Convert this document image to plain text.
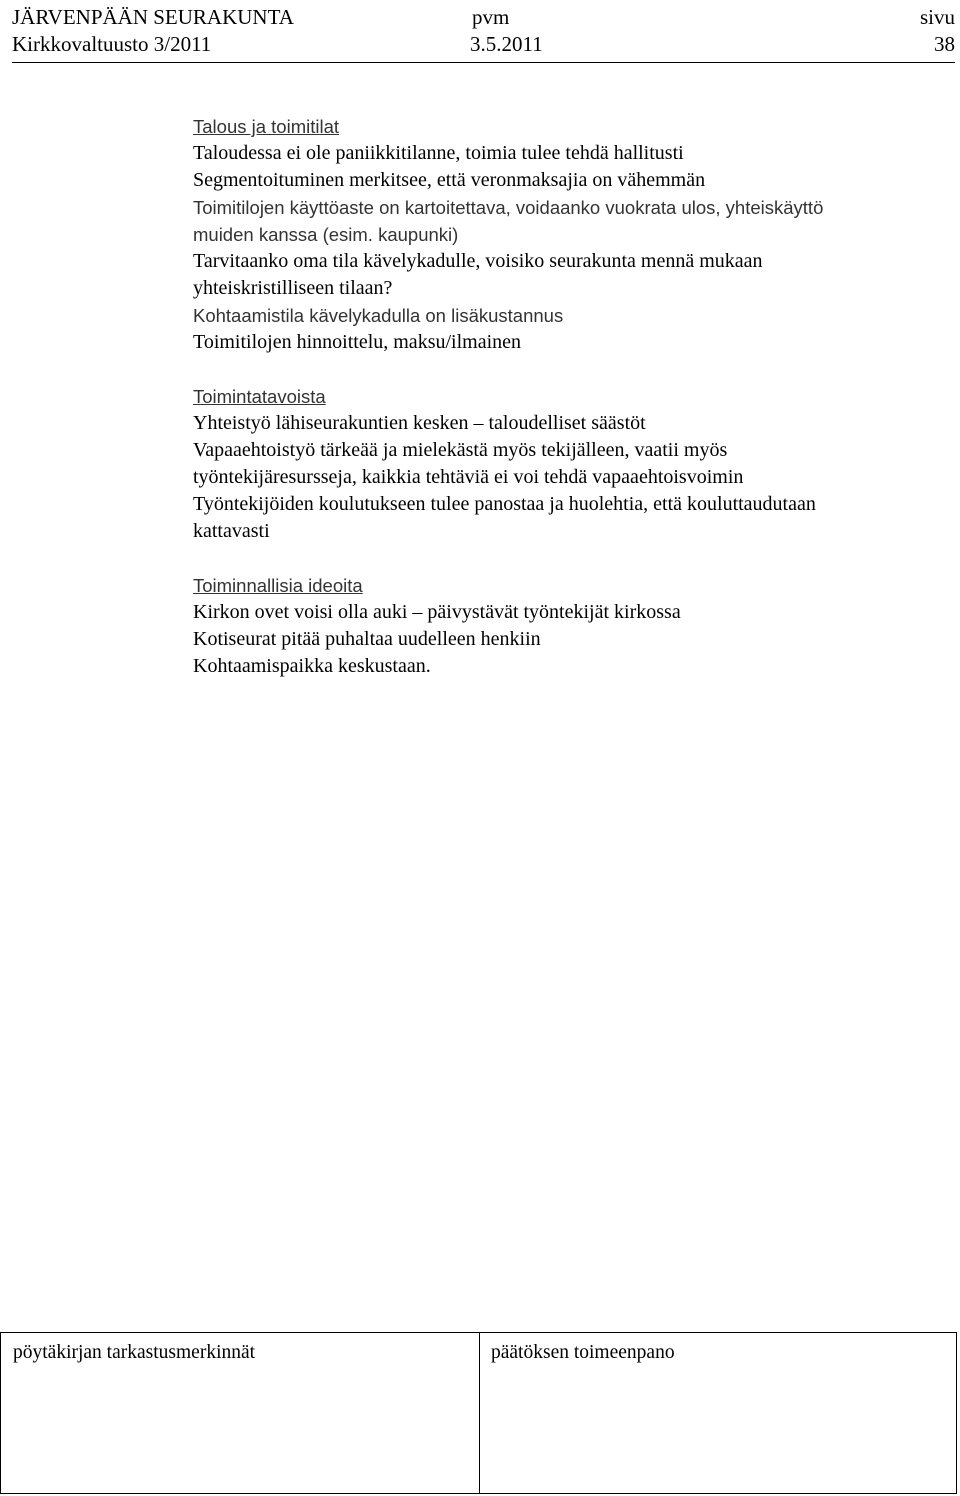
JÄRVENPÄÄN SEURAKUNTA	pvm	sivu
Kirkkovaltuusto 3/2011	3.5.2011	38
Talous ja toimitilat
Taloudessa ei ole paniikkitilanne, toimia tulee tehdä hallitusti
Segmentoituminen merkitsee, että veronmaksajia on vähemmän
Toimitilojen käyttöaste on kartoitettava, voidaanko vuokrata ulos, yhteiskäyttö
muiden kanssa (esim. kaupunki)
Tarvitaanko oma tila kävelykadulle, voisiko seurakunta mennä mukaan
yhteiskristilliseen tilaan?
Kohtaamistila kävelykadulla on lisäkustannus
Toimitilojen hinnoittelu, maksu/ilmainen
Toimintatavoista
Yhteistyö lähiseurakuntien kesken – taloudelliset säästöt
Vapaaehtoistyö tärkeää ja mielekästä myös tekijälleen, vaatii myös
työntekijäresursseja, kaikkia tehtäviä ei voi tehdä vapaaehtoisvoimin
Työntekijöiden koulutukseen tulee panostaa ja huolehtia, että kouluttaudutaan
kattavasti
Toiminnallisia ideoita
Kirkon ovet voisi olla auki – päivystävät työntekijät kirkossa
Kotiseurat pitää puhaltaa uudelleen henkiin
Kohtaamispaikka keskustaan.
pöytäkirjan tarkastusmerkinnät	päätöksen toimeenpano
